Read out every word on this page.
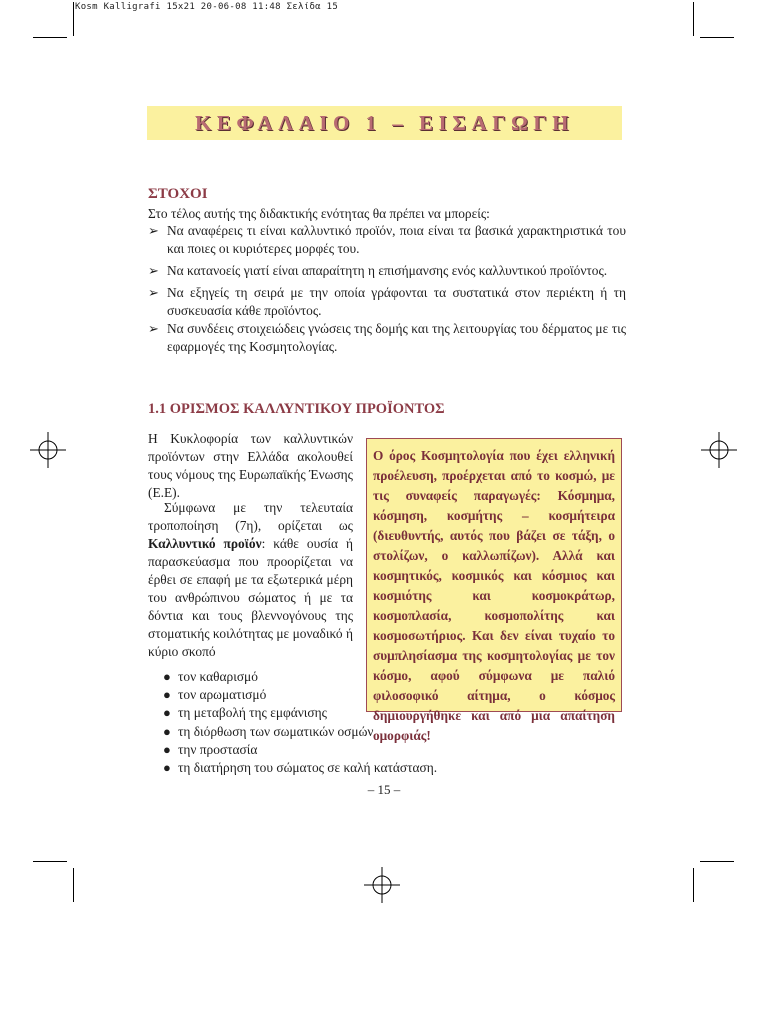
Kosm Kalligrafi 15x21 20-06-08 11:48 Σελίδα 15
ΚΕΦΑΛΑΙΟ 1 – ΕΙΣΑΓΩΓΗ
ΣΤΟΧΟΙ
Στο τέλος αυτής της διδακτικής ενότητας θα πρέπει να μπορείς:
➢ Να αναφέρεις τι είναι καλλυντικό προϊόν, ποια είναι τα βασικά χαρακτηριστικά του και ποιες οι κυριότερες μορφές του.
➢ Να κατανοείς γιατί είναι απαραίτητη η επισήμανσης ενός καλλυντικού προϊόντος.
➢ Να εξηγείς τη σειρά με την οποία γράφονται τα συστατικά στον περιέκτη ή τη συσκευασία κάθε προϊόντος.
➢ Να συνδέεις στοιχειώδεις γνώσεις της δομής και της λειτουργίας του δέρματος με τις εφαρμογές της Κοσμητολογίας.
1.1 ΟΡΙΣΜΟΣ ΚΑΛΛΥΝΤΙΚΟΥ ΠΡΟΪΟΝΤΟΣ
Η Κυκλοφορία των καλλυντικών προϊόντων στην Ελλάδα ακολουθεί τους νόμους της Ευρωπαϊκής Ένωσης (Ε.Ε).
Σύμφωνα με την τελευταία τροποποίηση (7η), ορίζεται ως Καλλυντικό προϊόν: κάθε ουσία ή παρασκεύασμα που προορίζεται να έρθει σε επαφή με τα εξωτερικά μέρη του ανθρώπινου σώματος ή με τα δόντια και τους βλεννογόνους της στοματικής κοιλότητας με μοναδικό ή κύριο σκοπό
Ο όρος Κοσμητολογία που έχει ελληνική προέλευση, προέρχεται από το κοσμώ, με τις συναφείς παραγωγές: Κόσμημα, κόσμηση, κοσμήτης – κοσμήτειρα (διευθυντής, αυτός που βάζει σε τάξη, ο στολίζων, ο καλλωπίζων). Αλλά και κοσμητικός, κοσμικός και κόσμιος και κοσμιότης και κοσμοκράτωρ, κοσμοπλασία, κοσμοπολίτης και κοσμοσωτήριος. Και δεν είναι τυχαίο το συμπλησίασμα της κοσμητολογίας με τον κόσμο, αφού σύμφωνα με παλιό φιλοσοφικό αίτημα, ο κόσμος δημιουργήθηκε και από μια απαίτηση ομορφιάς!
● τον καθαρισμό
● τον αρωματισμό
● τη μεταβολή της εμφάνισης
● τη διόρθωση των σωματικών οσμών
● την προστασία
● τη διατήρηση του σώματος σε καλή κατάσταση.
– 15 –
